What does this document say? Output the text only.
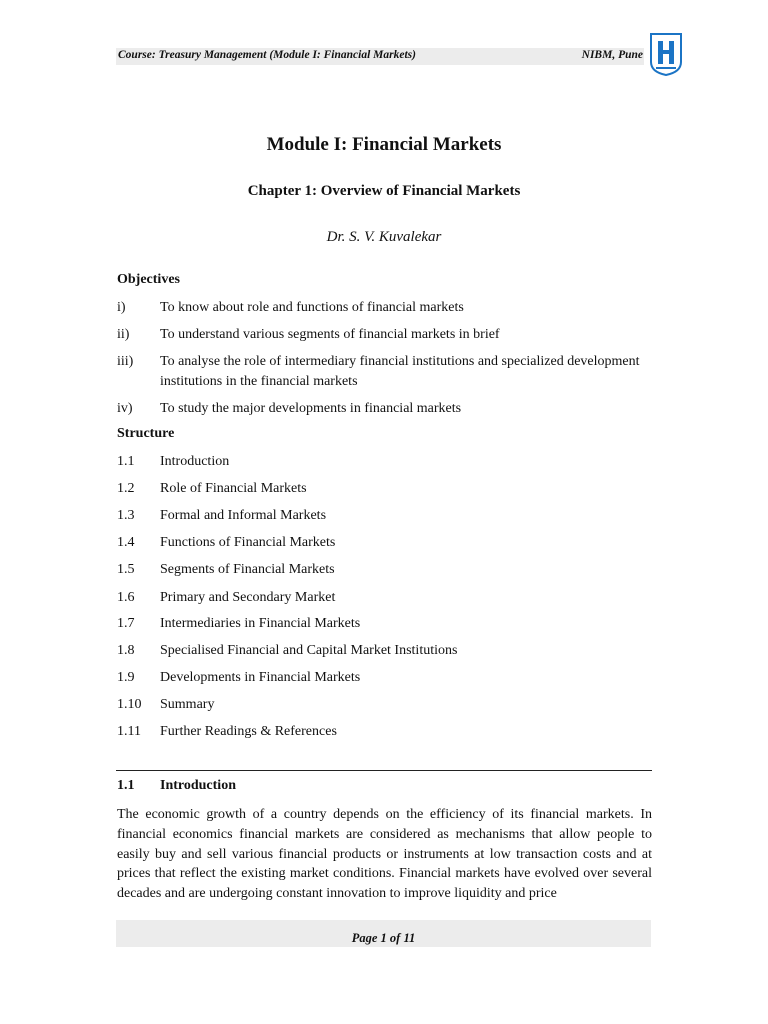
Course: Treasury Management (Module I: Financial Markets)	NIBM, Pune
Module I: Financial Markets
Chapter 1: Overview of Financial Markets
Dr. S. V. Kuvalekar
Objectives
i) To know about role and functions of financial markets
ii) To understand various segments of financial markets in brief
iii) To analyse the role of intermediary financial institutions and specialized development institutions in the financial markets
iv) To study the major developments in financial markets
Structure
1.1 Introduction
1.2 Role of Financial Markets
1.3 Formal and Informal Markets
1.4 Functions of Financial Markets
1.5 Segments of Financial Markets
1.6 Primary and Secondary Market
1.7 Intermediaries in Financial Markets
1.8 Specialised Financial and Capital Market Institutions
1.9 Developments in Financial Markets
1.10 Summary
1.11 Further Readings & References
1.1 Introduction
The economic growth of a country depends on the efficiency of its financial markets. In financial economics financial markets are considered as mechanisms that allow people to easily buy and sell various financial products or instruments at low transaction costs and at prices that reflect the existing market conditions. Financial markets have evolved over several decades and are undergoing constant innovation to improve liquidity and price
Page 1 of 11
